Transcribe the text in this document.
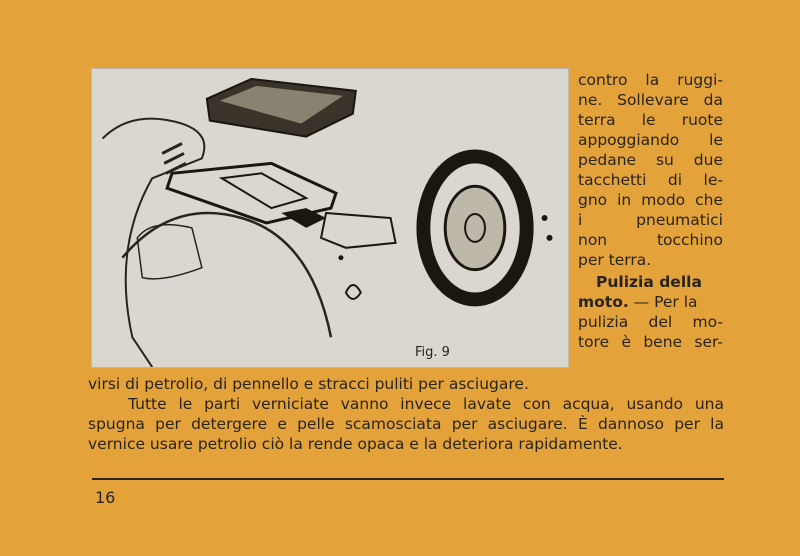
Fig. 9
contro la ruggi-
ne. Sollevare da
terra le ruote
appoggiando le
pedane su due
tacchetti di le-
gno in modo che
i pneumatici
non tocchino
per terra.
Pulizia della
moto. — Per la
pulizia del mo-
tore è bene ser-
virsi di petrolio, di pennello e stracci puliti per asciugare.
Tutte le parti verniciate vanno invece lavate con acqua, usando una
spugna per detergere e pelle scamosciata per asciugare. È dannoso per la
vernice usare petrolio ciò la rende opaca e la deteriora rapidamente.
16
